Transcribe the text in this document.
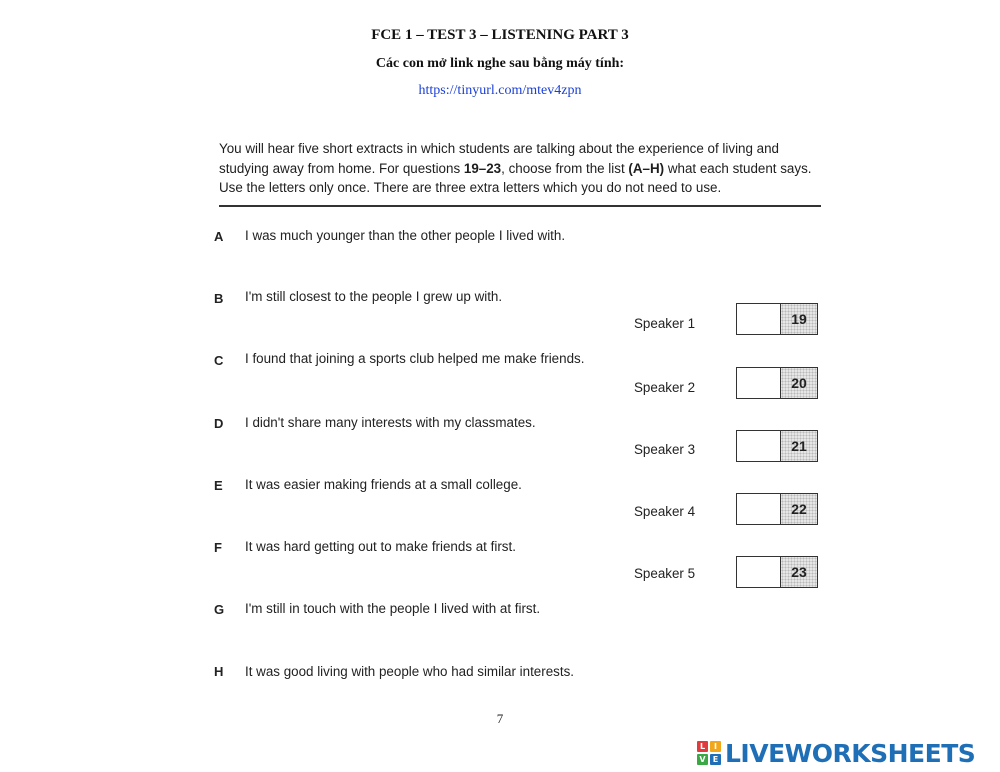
FCE 1 – TEST 3 – LISTENING PART 3
Các con mở link nghe sau bằng máy tính:
https://tinyurl.com/mtev4zpn
You will hear five short extracts in which students are talking about the experience of living and studying away from home. For questions 19–23, choose from the list (A–H) what each student says. Use the letters only once. There are three extra letters which you do not need to use.
A	I was much younger than the other people I lived with.
B	I'm still closest to the people I grew up with.
C	I found that joining a sports club helped me make friends.
D	I didn't share many interests with my classmates.
E	It was easier making friends at a small college.
F	It was hard getting out to make friends at first.
G	I'm still in touch with the people I lived with at first.
H	It was good living with people who had similar interests.
Speaker 1	19
Speaker 2	20
Speaker 3	21
Speaker 4	22
Speaker 5	23
7
L	I
V E LIVEWORKSHEETS
